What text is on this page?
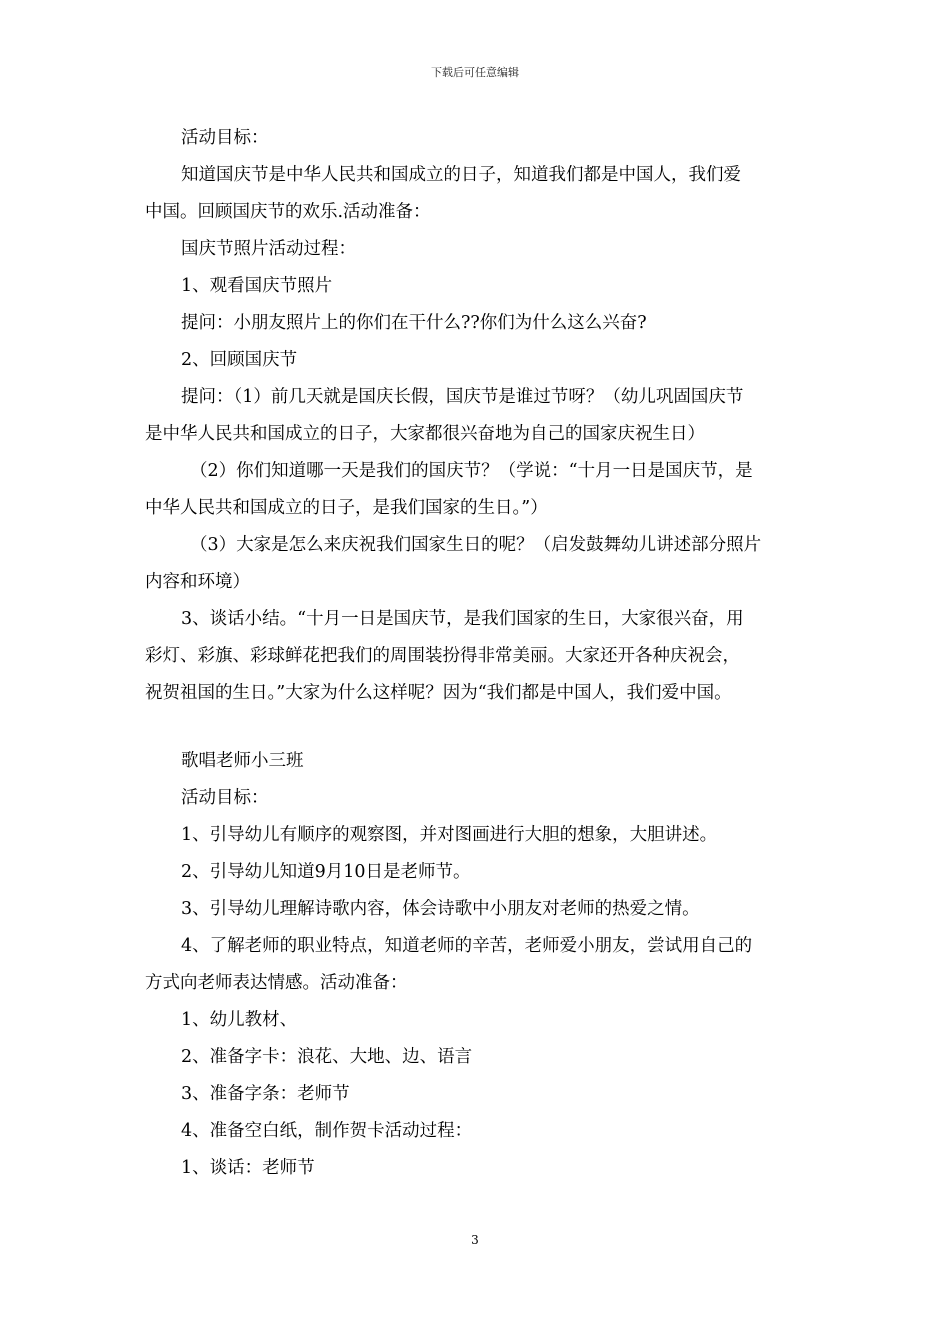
下载后可任意编辑
活动目标：
知道国庆节是中华人民共和国成立的日子，知道我们都是中国人，我们爱
中国。回顾国庆节的欢乐.活动准备：
国庆节照片活动过程：
1、观看国庆节照片
提问：小朋友照片上的你们在干什么??你们为什么这么兴奋?
2、回顾国庆节
提问：（1）前几天就是国庆长假，国庆节是谁过节呀？（幼儿巩固国庆节
是中华人民共和国成立的日子，大家都很兴奋地为自己的国家庆祝生日）
（2）你们知道哪一天是我们的国庆节？（学说：“十月一日是国庆节，是
中华人民共和国成立的日子，是我们国家的生日。”）
（3）大家是怎么来庆祝我们国家生日的呢？（启发鼓舞幼儿讲述部分照片
内容和环境）
3、谈话小结。“十月一日是国庆节，是我们国家的生日，大家很兴奋，用
彩灯、彩旗、彩球鲜花把我们的周围装扮得非常美丽。大家还开各种庆祝会，
祝贺祖国的生日。”大家为什么这样呢？因为“我们都是中国人，我们爱中国。
歌唱老师小三班
活动目标：
1、引导幼儿有顺序的观察图，并对图画进行大胆的想象，大胆讲述。
2、引导幼儿知道9月10日是老师节。
3、引导幼儿理解诗歌内容，体会诗歌中小朋友对老师的热爱之情。
4、了解老师的职业特点，知道老师的辛苦，老师爱小朋友，尝试用自己的
方式向老师表达情感。活动准备：
1、幼儿教材、
2、准备字卡：浪花、大地、边、语言
3、准备字条：老师节
4、准备空白纸，制作贺卡活动过程：
1、谈话：老师节
3
